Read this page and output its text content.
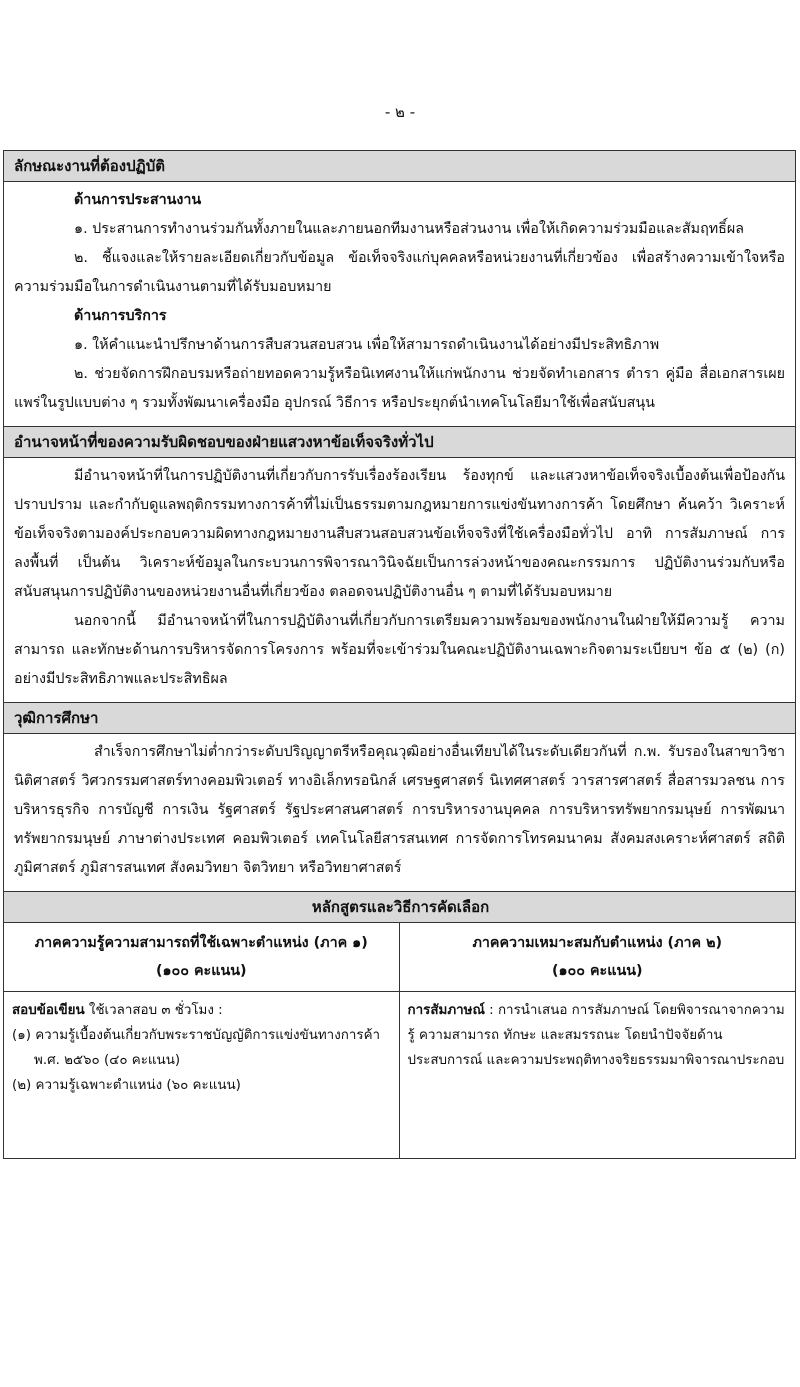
- ๒ -
ลักษณะงานที่ต้องปฏิบัติ

ด้านการประสานงาน

๑. ประสานการทำงานร่วมกันทั้งภายในและภายนอกทีมงานหรือส่วนงาน เพื่อให้เกิดความร่วมมือและสัมฤทธิ์ผล

๒. ชี้แจงและให้รายละเอียดเกี่ยวกับข้อมูล ข้อเท็จจริงแก่บุคคลหรือหน่วยงานที่เกี่ยวข้อง เพื่อสร้างความเข้าใจหรือความร่วมมือในการดำเนินงานตามที่ได้รับมอบหมาย

ด้านการบริการ

๑. ให้คำแนะนำปรึกษาด้านการสืบสวนสอบสวน เพื่อให้สามารถดำเนินงานได้อย่างมีประสิทธิภาพ

๒. ช่วยจัดการฝึกอบรมหรือถ่ายทอดความรู้หรือนิเทศงานให้แก่พนักงาน ช่วยจัดทำเอกสาร ตำรา คู่มือ สื่อเอกสารเผยแพร่ในรูปแบบต่าง ๆ รวมทั้งพัฒนาเครื่องมือ อุปกรณ์ วิธีการ หรือประยุกต์นำเทคโนโลยีมาใช้เพื่อสนับสนุน

อำนาจหน้าที่ของความรับผิดชอบของฝ่ายแสวงหาข้อเท็จจริงทั่วไป

มีอำนาจหน้าที่ในการปฏิบัติงานที่เกี่ยวกับการรับเรื่องร้องเรียน ร้องทุกข์ และแสวงหาข้อเท็จจริงเบื้องต้นเพื่อป้องกัน ปราบปราม และกำกับดูแลพฤติกรรมทางการค้าที่ไม่เป็นธรรมตามกฎหมายการแข่งขันทางการค้า โดยศึกษา ค้นคว้า วิเคราะห์ ข้อเท็จจริงตามองค์ประกอบความผิดทางกฎหมายงานสืบสวนสอบสวนข้อเท็จจริงที่ใช้เครื่องมือทั่วไป อาทิ การสัมภาษณ์ การลงพื้นที่ เป็นต้น วิเคราะห์ข้อมูลในกระบวนการพิจารณาวินิจฉัยเป็นการล่วงหน้าของคณะกรรมการ ปฏิบัติงานร่วมกับหรือสนับสนุนการปฏิบัติงานของหน่วยงานอื่นที่เกี่ยวข้อง ตลอดจนปฏิบัติงานอื่น ๆ ตามที่ได้รับมอบหมาย

นอกจากนี้ มีอำนาจหน้าที่ในการปฏิบัติงานที่เกี่ยวกับการเตรียมความพร้อมของพนักงานในฝ่ายให้มีความรู้ ความสามารถ และทักษะด้านการบริหารจัดการโครงการ พร้อมที่จะเข้าร่วมในคณะปฏิบัติงานเฉพาะกิจตามระเบียบฯ ข้อ ๕ (๒) (ก) อย่างมีประสิทธิภาพและประสิทธิผล

วุฒิการศึกษา

สำเร็จการศึกษาไม่ต่ำกว่าระดับปริญญาตรีหรือคุณวุฒิอย่างอื่นเทียบได้ในระดับเดียวกันที่ ก.พ. รับรองในสาขาวิชา นิติศาสตร์ วิศวกรรมศาสตร์ทางคอมพิวเตอร์ ทางอิเล็กทรอนิกส์ เศรษฐศาสตร์ นิเทศศาสตร์ วารสารศาสตร์ สื่อสารมวลชน การบริหารธุรกิจ การบัญชี การเงิน รัฐศาสตร์ รัฐประศาสนศาสตร์ การบริหารงานบุคคล การบริหารทรัพยากรมนุษย์ การพัฒนาทรัพยากรมนุษย์ ภาษาต่างประเทศ คอมพิวเตอร์ เทคโนโลยีสารสนเทศ การจัดการโทรคมนาคม สังคมสงเคราะห์ศาสตร์ สถิติ ภูมิศาสตร์ ภูมิสารสนเทศ สังคมวิทยา จิตวิทยา หรือวิทยาศาสตร์

หลักสูตรและวิธีการคัดเลือก
ภาคความรู้ความสามารถที่ใช้เฉพาะตำแหน่ง (ภาค ๑)
(๑๐๐ คะแนน)

สอบข้อเขียน ใช้เวลาสอบ ๓ ชั่วโมง :

(๑) ความรู้เบื้องต้นเกี่ยวกับพระราชบัญญัติการแข่งขันทางการค้า พ.ศ. ๒๕๖๐ (๔๐ คะแนน)

(๒) ความรู้เฉพาะตำแหน่ง (๖๐ คะแนน)

ภาคความเหมาะสมกับตำแหน่ง (ภาค ๒)
(๑๐๐ คะแนน)

การสัมภาษณ์ : การนำเสนอ การสัมภาษณ์ โดยพิจารณาจากความรู้ ความสามารถ ทักษะ และสมรรถนะ โดยนำปัจจัยด้านประสบการณ์ และความประพฤติทางจริยธรรมมาพิจารณาประกอบ
